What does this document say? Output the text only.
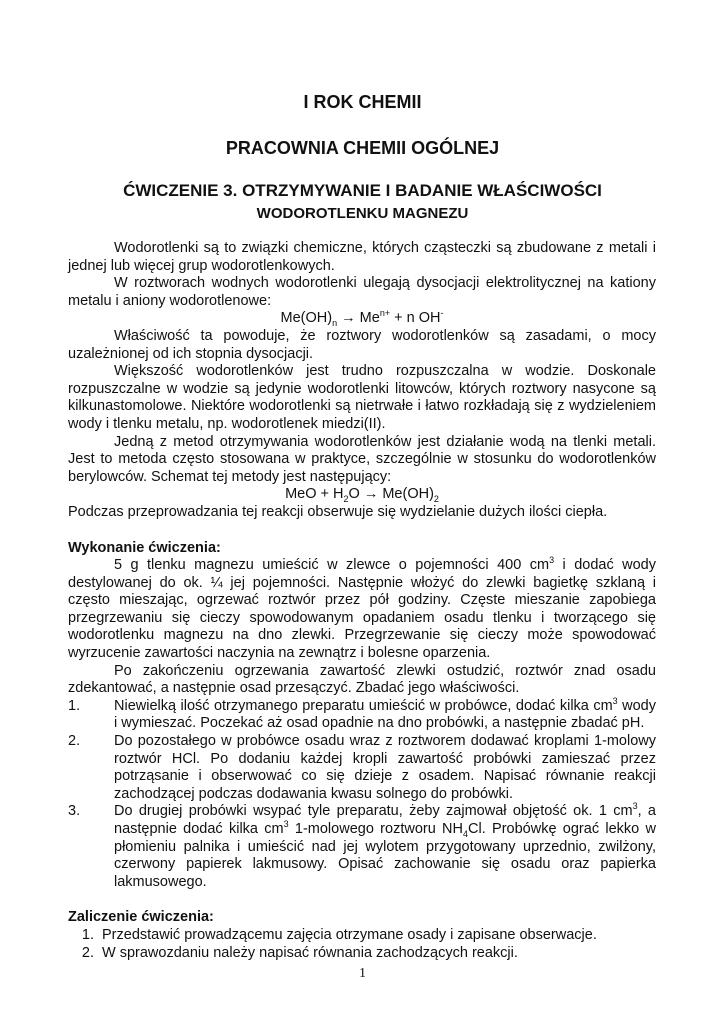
I ROK CHEMII
PRACOWNIA CHEMII OGÓLNEJ
ĆWICZENIE 3. OTRZYMYWANIE I BADANIE WŁAŚCIWOŚCI
WODOROTLENKU MAGNEZU

Wodorotlenki są to związki chemiczne, których cząsteczki są zbudowane z metali i jednej lub więcej grup wodorotlenkowych.

W roztworach wodnych wodorotlenki ulegają dysocjacji elektrolitycznej na kationy metalu i aniony wodorotlenowe:

$Me(OH)_n \to Me^{n+} + n$ OH-

Właściwość ta powoduje, że roztwory wodorotlenków są zasadami, o mocy uzależnionej od ich stopnia dysocjacji.

Większość wodorotlenków jest trudno rozpuszczalna w wodzie. Doskonale rozpuszczalne w wodzie są jedynie wodorotlenki litowców, których roztwory nasycone są kilkunastomolowe. Niektóre wodorotlenki są nietrwałe i łatwo rozkładają się z wydzieleniem wody i tlenku metalu, np. wodorotlenek miedzi(II).

Jedną z metod otrzymywania wodorotlenków jest działanie wodą na tlenki metali. Jest to metoda często stosowana w praktyce, szczególnie w stosunku do wodorotlenków berylowców. Schemat tej metody jest następujący:

MeO + $H_2O \to Me(OH)_2$

Podczas przeprowadzania tej reakcji obserwuje się wydzielanie dużych ilości ciepła.

Wykonanie ćwiczenia:

5 g tlenku magnezu umieścić w zlewce o pojemności 400 $cm^3$ i dodać wody destylowanej do ok. ¼ jej pojemności. Następnie włożyć do zlewki bagietkę szklaną i często mieszając, ogrzewać roztwór przez pół godziny. Częste mieszanie zapobiega przegrzewaniu się cieczy spowodowanym opadaniem osadu tlenku i tworzącego się wodorotlenku magnezu na dno zlewki. Przegrzewanie się cieczy może spowodować wyrzucenie zawartości naczynia na zewnątrz i bolesne oparzenia.

Po zakończeniu ogrzewania zawartość zlewki ostudzić, roztwór znad osadu zdekantować, a następnie osad przesączyć. Zbadać jego właściwości.

1. Niewielką ilość otrzymanego preparatu umieścić w probówce, dodać kilka $cm^3$ wody i wymieszać. Poczekać aż osad opadnie na dno probówki, a następnie zbadać pH.

2. Do pozostałego w probówce osadu wraz z roztworem dodawać kroplami 1-molowy roztwór HCl. Po dodaniu każdej kropli zawartość probówki zamieszać przez potrząsanie i obserwować co się dzieje z osadem. Napisać równanie reakcji zachodzącej podczas dodawania kwasu solnego do probówki.

3. Do drugiej probówki wsypać tyle preparatu, żeby zajmował objętość ok. 1 $cm^3$, a następnie dodać kilka $cm^3$ 1-molowego roztworu $NH_4Cl$. Probówkę ograć lekko w płomieniu palnika i umieścić nad jej wylotem przygotowany uprzednio, zwilżony, czerwony papierek lakmusowy. Opisać zachowanie się osadu oraz papierka lakmusowego.

Zaliczenie ćwiczenia:

1. Przedstawić prowadzącemu zajęcia otrzymane osady i zapisane obserwacje.
2. W sprawozdaniu należy napisać równania zachodzących reakcji.
1
